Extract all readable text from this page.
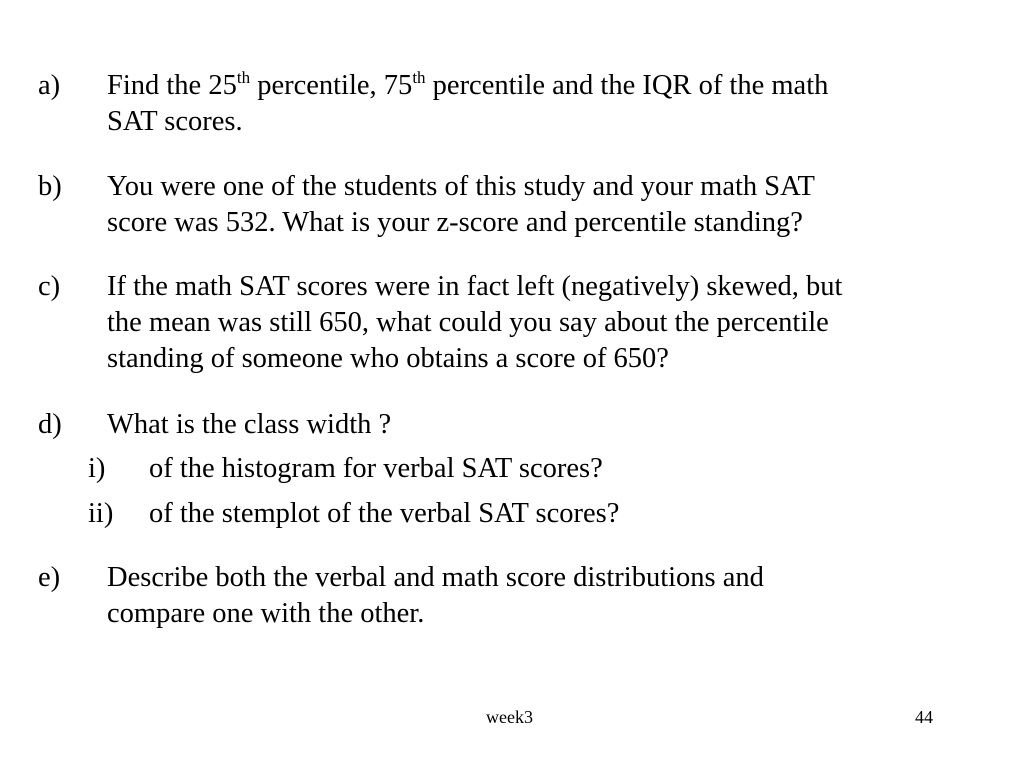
a) Find the 25th percentile, 75th percentile and the IQR of the math
SAT scores.
b) You were one of the students of this study and your math SAT
score was 532. What is your z-score and percentile standing?
c) If the math SAT scores were in fact left (negatively) skewed, but
the mean was still 650, what could you say about the percentile
standing of someone who obtains a score of 650?
d) What is the class width ?
i) of the histogram for verbal SAT scores?
ii) of the stemplot of the verbal SAT scores?
e) Describe both the verbal and math score distributions and
compare one with the other.
week3	44
